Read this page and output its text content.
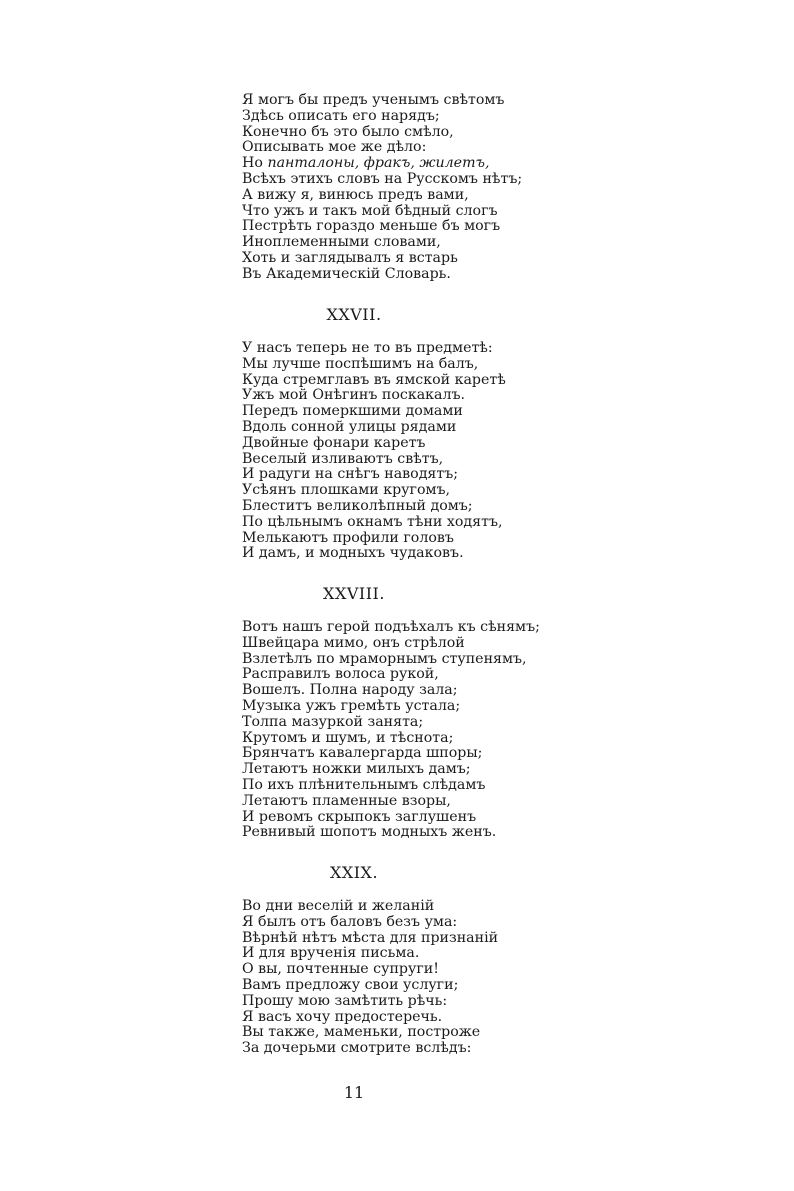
Я могъ бы предъ ученымъ свѣтомъ
Здѣсь описать его нарядъ;
Конечно бъ это было смѣло,
Описывать мое же дѣло:
Но панталоны, фракъ, жилетъ,
Всѣхъ этихъ словъ на Русскомъ нѣтъ;
А вижу я, винюсь предъ вами,
Что ужъ и такъ мой бѣдный слогъ
Пестрѣть гораздо меньше бъ могъ
Иноплеменными словами,
Хоть и заглядывалъ я встарь
Въ Академическій Словарь.
XXVII.
У насъ теперь не то въ предметѣ:
Мы лучше поспѣшимъ на балъ,
Куда стремглавъ въ ямской каретѣ
Ужъ мой Онѣгинъ поскакалъ.
Передъ померкшими домами
Вдоль сонной улицы рядами
Двойные фонари каретъ
Веселый изливаютъ свѣтъ,
И радуги на снѣгъ наводятъ;
Усѣянъ плошками кругомъ,
Блеститъ великолѣпный домъ;
По цѣльнымъ окнамъ тѣни ходятъ,
Мелькаютъ профили головъ
И дамъ, и модныхъ чудаковъ.
XXVIII.
Вотъ нашъ герой подъѣхалъ къ сѣнямъ;
Швейцара мимо, онъ стрѣлой
Взлетѣлъ по мраморнымъ ступенямъ,
Расправилъ волоса рукой,
Вошелъ. Полна народу зала;
Музыка ужъ гремѣть устала;
Толпа мазуркой занята;
Крутомъ и шумъ, и тѣснота;
Брянчатъ кавалергарда шпоры;
Летаютъ ножки милыхъ дамъ;
По ихъ плѣнительнымъ слѣдамъ
Летаютъ пламенные взоры,
И ревомъ скрыпокъ заглушенъ
Ревнивый шопотъ модныхъ женъ.
XXIX.
Во дни веселій и желаній
Я былъ отъ баловъ безъ ума:
Вѣрнѣй нѣтъ мѣста для признаній
И для врученія письма.
О вы, почтенные супруги!
Вамъ предложу свои услуги;
Прошу мою замѣтить рѣчь:
Я васъ хочу предостеречь.
Вы также, маменьки, построже
За дочерьми смотрите вслѣдъ:
11
